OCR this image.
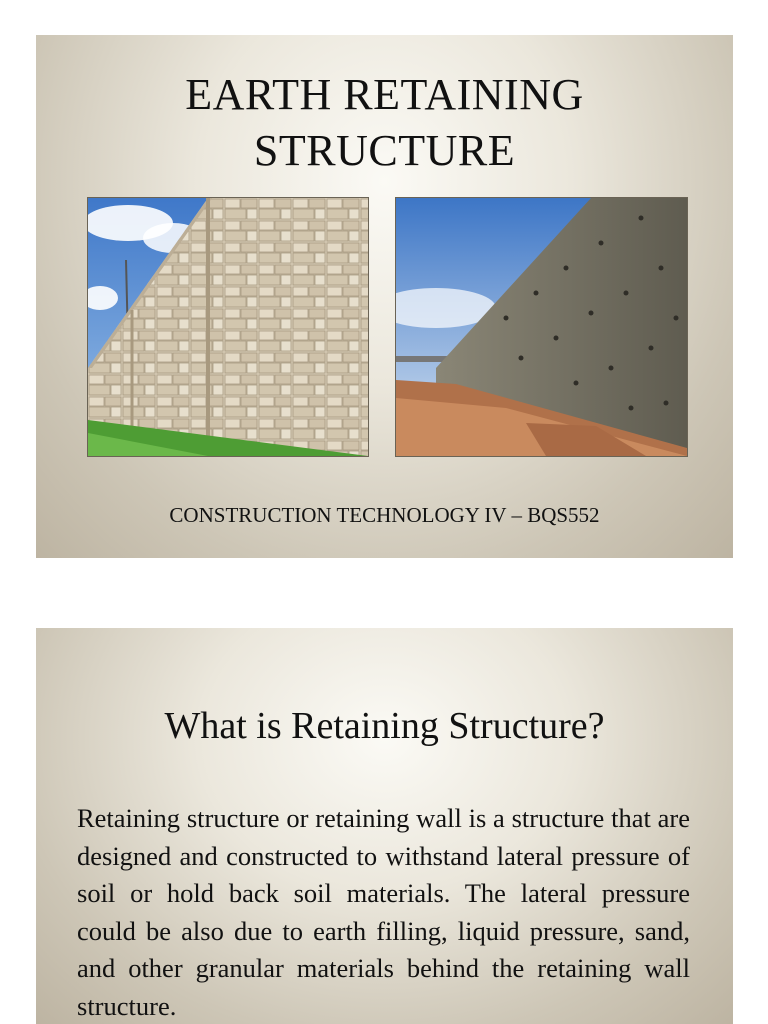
EARTH RETAINING
STRUCTURE

CONSTRUCTION TECHNOLOGY IV – BQS552

What is Retaining Structure?

Retaining structure or retaining wall is a structure that are designed and constructed to withstand lateral pressure of soil or hold back soil materials. The lateral pressure could be also due to earth filling, liquid pressure, sand, and other granular materials behind the retaining wall structure.
